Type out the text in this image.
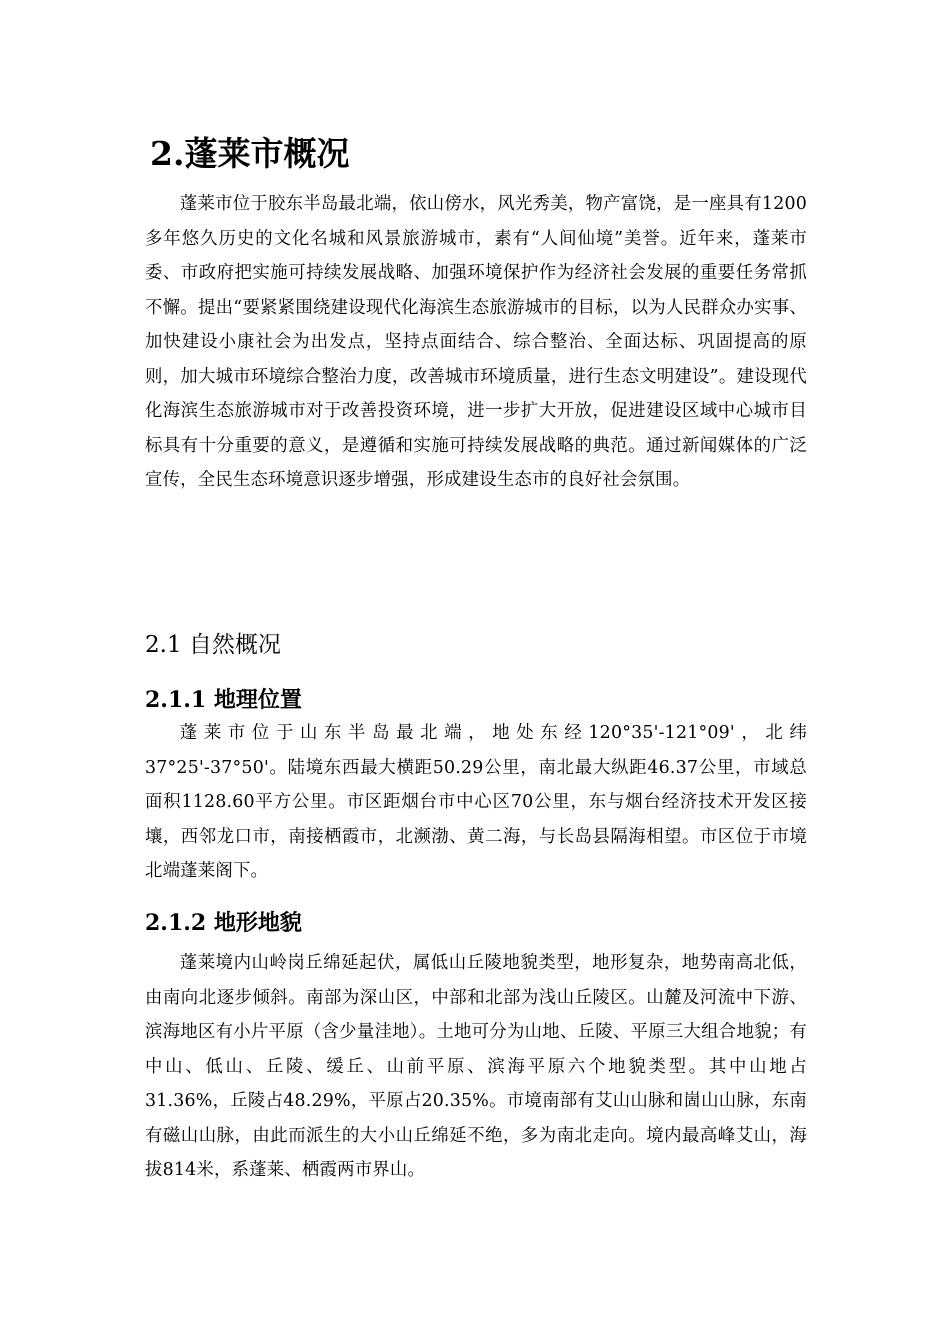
2.蓬莱市概况

蓬莱市位于胶东半岛最北端，依山傍水，风光秀美，物产富饶，是一座具有1200多年悠久历史的文化名城和风景旅游城市，素有“人间仙境”美誉。近年来，蓬莱市委、市政府把实施可持续发展战略、加强环境保护作为经济社会发展的重要任务常抓不懈。提出“要紧紧围绕建设现代化海滨生态旅游城市的目标，以为人民群众办实事、加快建设小康社会为出发点，坚持点面结合、综合整治、全面达标、巩固提高的原则，加大城市环境综合整治力度，改善城市环境质量，进行生态文明建设”。建设现代化海滨生态旅游城市对于改善投资环境，进一步扩大开放，促进建设区域中心城市目标具有十分重要的意义，是遵循和实施可持续发展战略的典范。通过新闻媒体的广泛宣传，全民生态环境意识逐步增强，形成建设生态市的良好社会氛围。

2.1 自然概况
2.1.1 地理位置

蓬莱市位于山东半岛最北端，地处东经120°35'-121°09'，北纬37°25'-37°50'。陆境东西最大横距50.29公里，南北最大纵距46.37公里，市域总面积1128.60平方公里。市区距烟台市中心区70公里，东与烟台经济技术开发区接壤，西邻龙口市，南接栖霞市，北濒渤、黄二海，与长岛县隔海相望。市区位于市境北端蓬莱阁下。

2.1.2 地形地貌

蓬莱境内山岭岗丘绵延起伏，属低山丘陵地貌类型，地形复杂，地势南高北低，由南向北逐步倾斜。南部为深山区，中部和北部为浅山丘陵区。山麓及河流中下游、滨海地区有小片平原（含少量洼地）。土地可分为山地、丘陵、平原三大组合地貌；有中山、低山、丘陵、缓丘、山前平原、滨海平原六个地貌类型。其中山地占31.36%，丘陵占48.29%，平原占20.35%。市境南部有艾山山脉和崮山山脉，东南有磁山山脉，由此而派生的大小山丘绵延不绝，多为南北走向。境内最高峰艾山，海拔814米，系蓬莱、栖霞两市界山。
